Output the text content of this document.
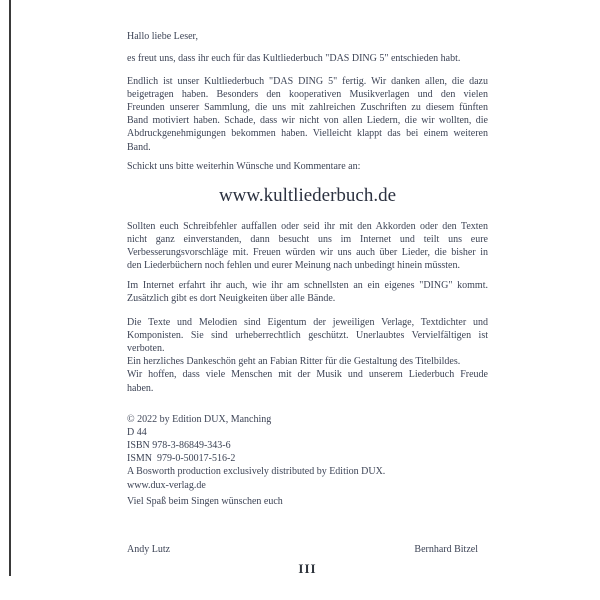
Hallo liebe Leser,
es freut uns, dass ihr euch für das Kultliederbuch "DAS DING 5" entschieden habt.
Endlich ist unser Kultliederbuch "DAS DING 5" fertig. Wir danken allen, die dazu
beigetragen haben. Besonders den kooperativen Musikverlagen und den vielen
Freunden unserer Sammlung, die uns mit zahlreichen Zuschriften zu diesem fünften
Band motiviert haben. Schade, dass wir nicht von allen Liedern, die wir wollten, die
Abdruckgenehmigungen bekommen haben. Vielleicht klappt das bei einem weiteren
Band.
Schickt uns bitte weiterhin Wünsche und Kommentare an:
www.kultliederbuch.de
Sollten euch Schreibfehler auffallen oder seid ihr mit den Akkorden oder den Texten
nicht ganz einverstanden, dann besucht uns im Internet und teilt uns eure
Verbesserungsvorschläge mit. Freuen würden wir uns auch über Lieder, die bisher in
den Liederbüchern noch fehlen und eurer Meinung nach unbedingt hinein müssten.
Im Internet erfahrt ihr auch, wie ihr am schnellsten an ein eigenes "DING" kommt.
Zusätzlich gibt es dort Neuigkeiten über alle Bände.
Die Texte und Melodien sind Eigentum der jeweiligen Verlage, Textdichter und
Komponisten. Sie sind urheberrechtlich geschützt. Unerlaubtes Vervielfältigen ist
verboten.
Ein herzliches Dankeschön geht an Fabian Ritter für die Gestaltung des Titelbildes.
Wir hoffen, dass viele Menschen mit der Musik und unserem Liederbuch Freude
haben.
© 2022 by Edition DUX, Manching
D 44
ISBN 978-3-86849-343-6
ISMN  979-0-50017-516-2
A Bosworth production exclusively distributed by Edition DUX.
www.dux-verlag.de
Viel Spaß beim Singen wünschen euch
Andy Lutz	Bernhard Bitzel
III
